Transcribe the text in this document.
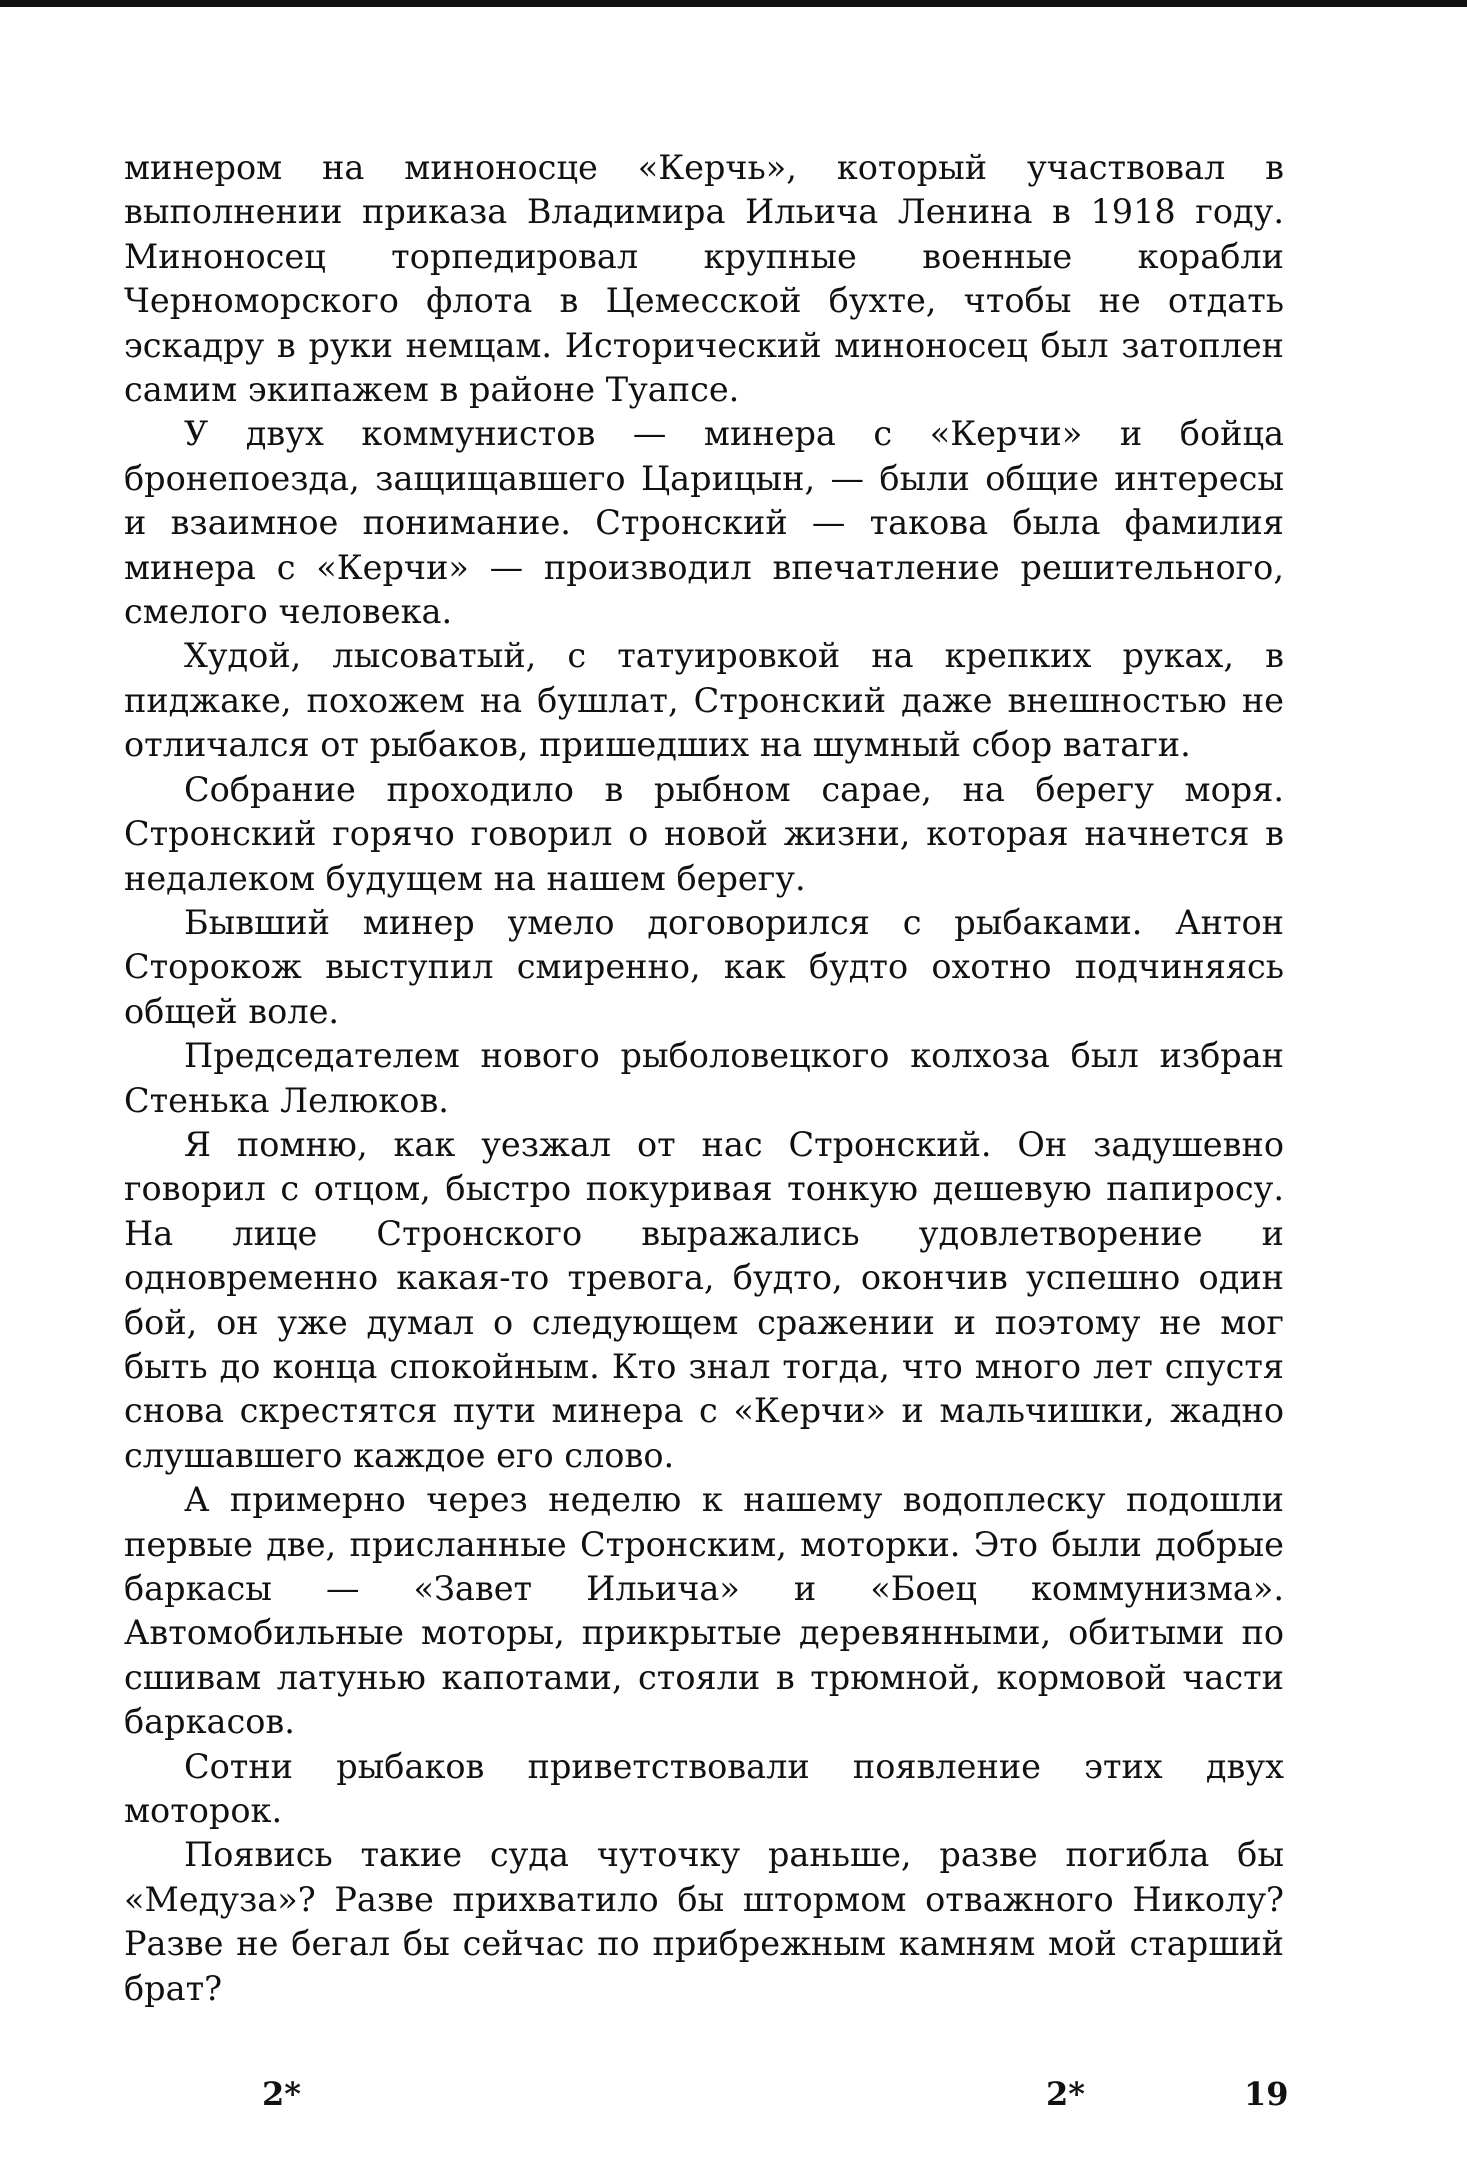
минером на миноносце «Керчь», который участвовал в выполнении приказа Владимира Ильича Ленина в 1918 году. Миноносец торпедировал крупные военные корабли Черноморского флота в Цемесской бухте, чтобы не отдать эскадру в руки немцам. Исторический миноносец был затоплен самим экипажем в районе Туапсе.

У двух коммунистов — минера с «Керчи» и бойца бронепоезда, защищавшего Царицын, — были общие интересы и взаимное понимание. Стронский — такова была фамилия минера с «Керчи» — производил впечатление решительного, смелого человека.

Худой, лысоватый, с татуировкой на крепких руках, в пиджаке, похожем на бушлат, Стронский даже внешностью не отличался от рыбаков, пришедших на шумный сбор ватаги.

Собрание проходило в рыбном сарае, на берегу моря. Стронский горячо говорил о новой жизни, которая начнется в недалеком будущем на нашем берегу.

Бывший минер умело договорился с рыбаками. Антон Сторокож выступил смиренно, как будто охотно подчиняясь общей воле.

Председателем нового рыболовецкого колхоза был избран Стенька Лелюков.

Я помню, как уезжал от нас Стронский. Он задушевно говорил с отцом, быстро покуривая тонкую дешевую папиросу. На лице Стронского выражались удовлетворение и одновременно какая-то тревога, будто, окончив успешно один бой, он уже думал о следующем сражении и поэтому не мог быть до конца спокойным. Кто знал тогда, что много лет спустя снова скрестятся пути минера с «Керчи» и мальчишки, жадно слушавшего каждое его слово.

А примерно через неделю к нашему водоплеску подошли первые две, присланные Стронским, моторки. Это были добрые баркасы — «Завет Ильича» и «Боец коммунизма». Автомобильные моторы, прикрытые деревянными, обитыми по сшивам латунью капотами, стояли в трюмной, кормовой части баркасов.

Сотни рыбаков приветствовали появление этих двух моторок.

Появись такие суда чуточку раньше, разве погибла бы «Медуза»? Разве прихватило бы штормом отважного Николу? Разве не бегал бы сейчас по прибрежным камням мой старший брат?

2*	2*	19
